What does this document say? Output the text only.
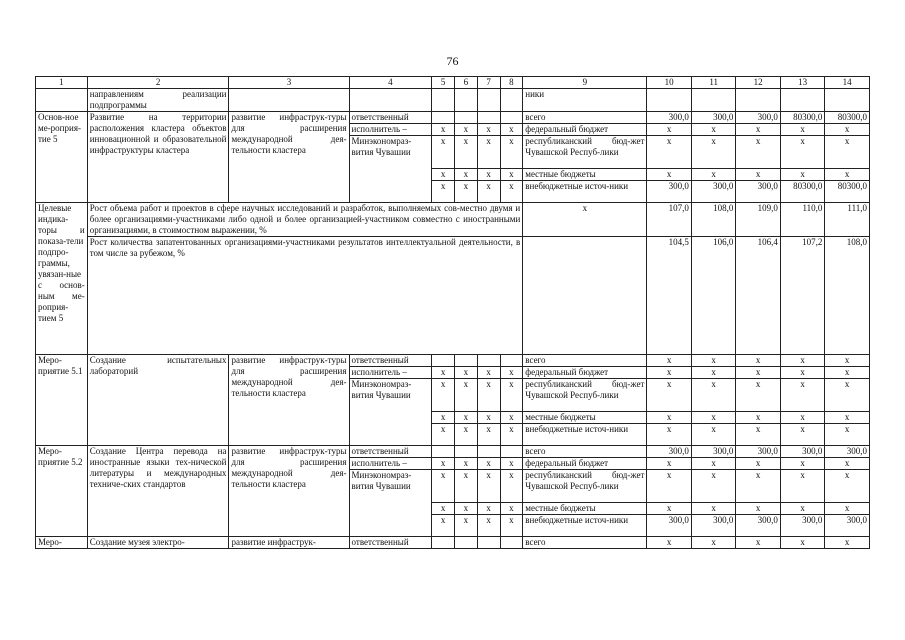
76
1	2	3	4	5	6	7	8	9	10	11	12	13	14
	направлениям реализации подпрограммы							ники					
Основ-ное ме-роприя-тие 5	Развитие на территории расположения кластера объектов инновационной и образовательной инфраструктуры кластера	развитие инфраструк-туры для расширения международной дея-тельности кластера	ответственный					всего	300,0	300,0	300,0	80300,0	80300,0
			исполнитель –	x	x	x	x	федеральный бюджет	x	x	x	x	x
			Минэкономраз-вития Чувашии	x	x	x	x	республиканский бюд-жет Чувашской Респуб-лики	x	x	x	x	x
				x	x	x	x	местные бюджеты	x	x	x	x	x
				x	x	x	x	внебюджетные источ-ники	300,0	300,0	300,0	80300,0	80300,0
Целевые индика-торы и показа-тели подпро-граммы, увязан-ные с основ-ным ме-роприя-тием 5	Рост объема работ и проектов в сфере научных исследований и разработок, выполняемых сов-местно двумя и более организациями-участниками либо одной и более организацией-участником совместно с иностранными организациями, в стоимостном выражении, %							x	107,0	108,0	109,0	110,0	111,0
	Рост количества запатентованных организациями-участниками результатов интеллектуальной деятельности, в том числе за рубежом, %								104,5	106,0	106,4	107,2	108,0
Меро-приятие 5.1	Создание испытательных лабораторий	развитие инфраструк-туры для расширения международной дея-тельности кластера	ответственный					всего	x	x	x	x	x
			исполнитель –	x	x	x	x	федеральный бюджет	x	x	x	x	x
			Минэкономраз-вития Чувашии	x	x	x	x	республиканский бюд-жет Чувашской Респуб-лики	x	x	x	x	x
				x	x	x	x	местные бюджеты	x	x	x	x	x
				x	x	x	x	внебюджетные источ-ники	x	x	x	x	x
Меро-приятие 5.2	Создание Центра перевода на иностранные языки тех-нической литературы и международных техниче-ских стандартов	развитие инфраструк-туры для расширения международной дея-тельности кластера	ответственный					всего	300,0	300,0	300,0	300,0	300,0
			исполнитель –	x	x	x	x	федеральный бюджет	x	x	x	x	x
			Минэкономраз-вития Чувашии	x	x	x	x	республиканский бюд-жет Чувашской Респуб-лики	x	x	x	x	x
				x	x	x	x	местные бюджеты	x	x	x	x	x
				x	x	x	x	внебюджетные источ-ники	300,0	300,0	300,0	300,0	300,0
Меро-	Создание музея электро-	развитие инфраструк-	ответственный					всего	x	x	x	x	x
